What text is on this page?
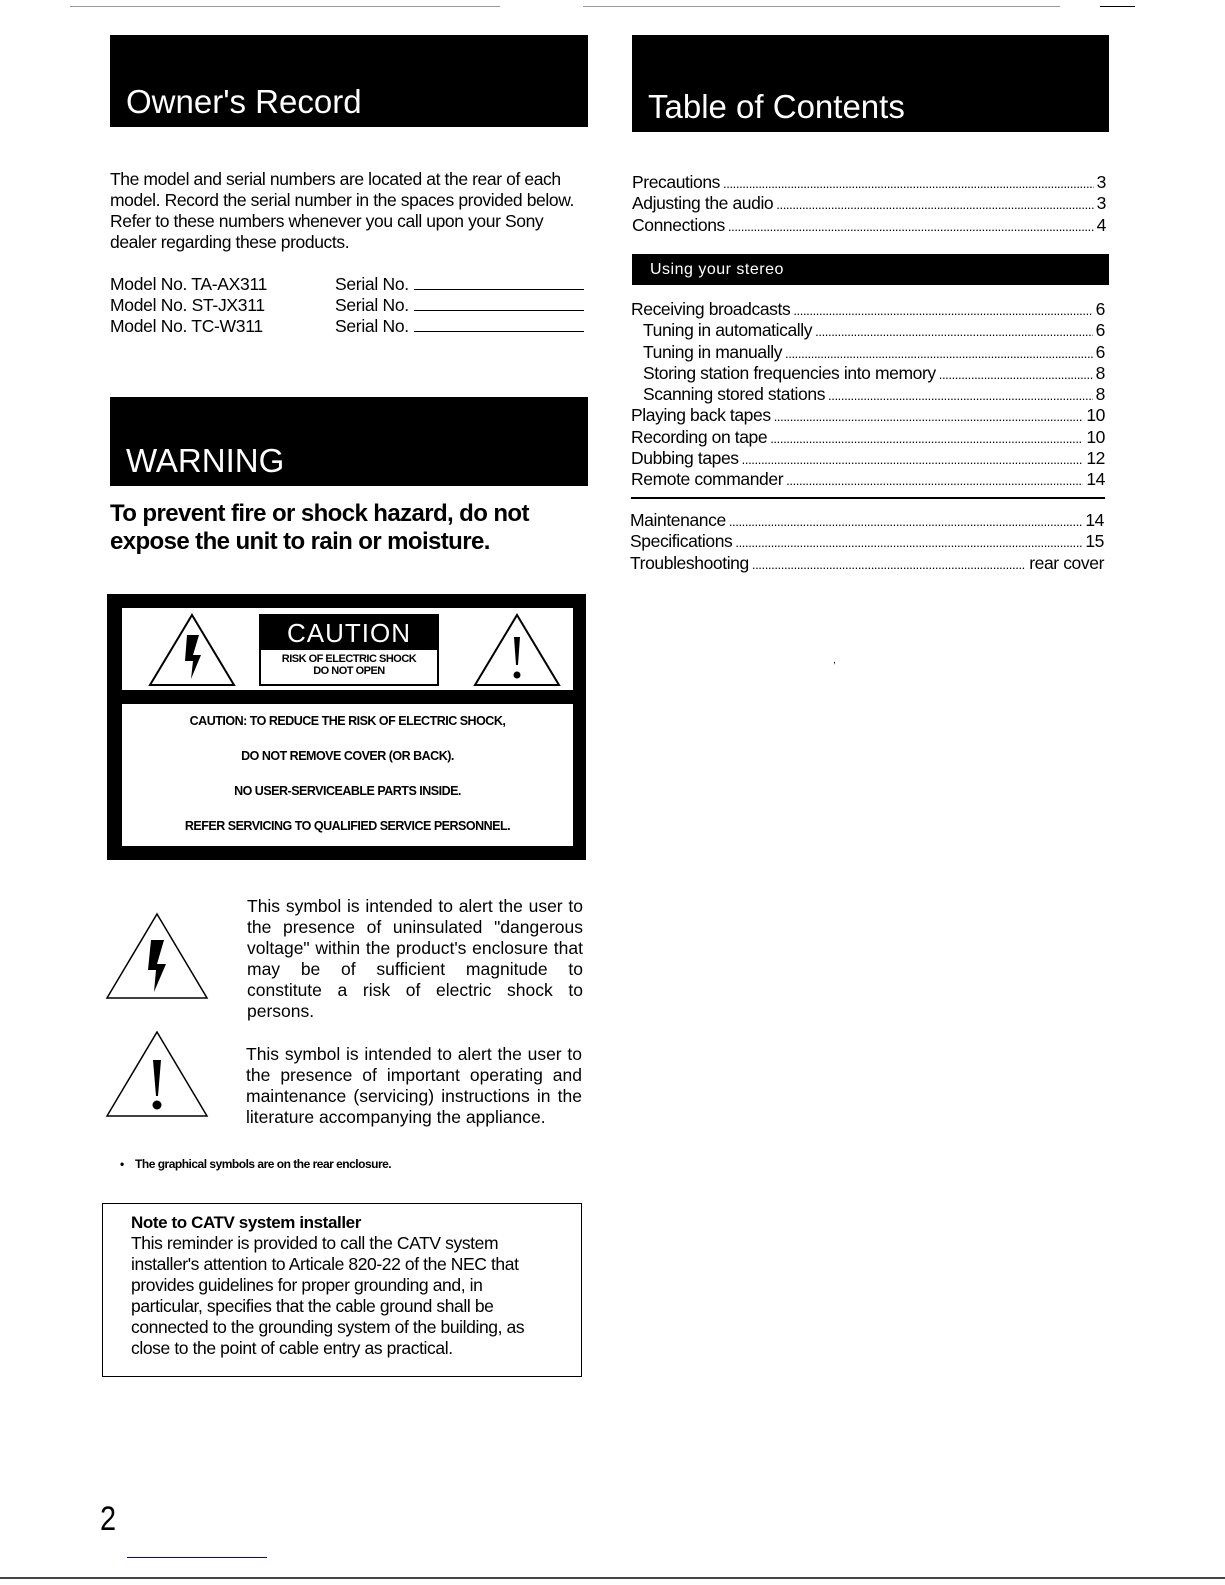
Owner's Record
The model and serial numbers are located at the rear of each model. Record the serial number in the spaces provided below. Refer to these numbers whenever you call upon your Sony dealer regarding these products.
Model No. TA-AX311	Serial No.
Model No. ST-JX311	Serial No.
Model No. TC-W311	Serial No.
WARNING
To prevent fire or shock hazard, do not expose the unit to rain or moisture.
CAUTION
RISK OF ELECTRIC SHOCK
DO NOT OPEN
CAUTION: TO REDUCE THE RISK OF ELECTRIC SHOCK,
DO NOT REMOVE COVER (OR BACK).
NO USER-SERVICEABLE PARTS INSIDE.
REFER SERVICING TO QUALIFIED SERVICE PERSONNEL.
This symbol is intended to alert the user to the presence of uninsulated "dangerous voltage" within the product's enclosure that may be of sufficient magnitude to constitute a risk of electric shock to persons.
This symbol is intended to alert the user to the presence of important operating and maintenance (servicing) instructions in the literature accompanying the appliance.
•    The graphical symbols are on the rear enclosure.
Note to CATV system installer
This reminder is provided to call the CATV system installer's attention to Articale 820-22 of the NEC that provides guidelines for proper grounding and, in particular, specifies that the cable ground shall be connected to the grounding system of the building, as close to the point of cable entry as practical.
Table of Contents
Precautions .....	3
Adjusting the audio .....	3
Connections .....	4
Using your stereo
Receiving broadcasts .....	6
Tuning in automatically .....	6
Tuning in manually .....	6
Storing station frequencies into memory .....	8
Scanning stored stations .....	8
Playing back tapes .....	10
Recording on tape .....	10
Dubbing tapes .....	12
Remote commander .....	14
Maintenance .....	14
Specifications .....	15
Troubleshooting .....	rear cover
,
2
